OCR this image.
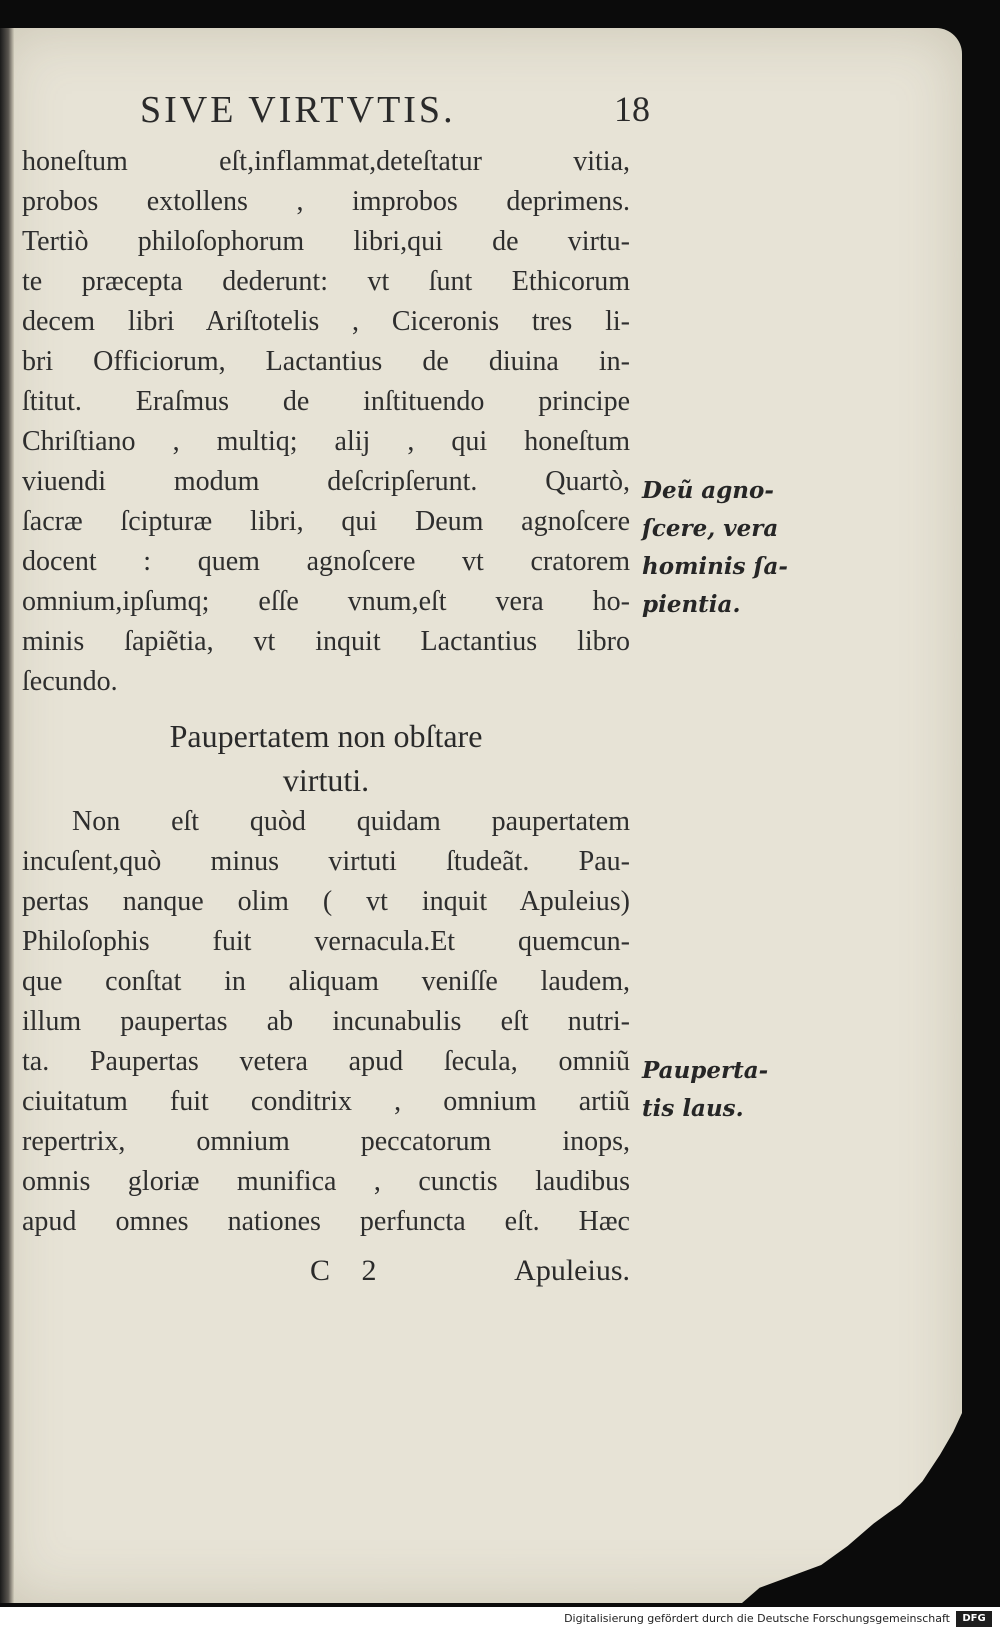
SIVE VIRTVTIS.	18
honeſtum eſt,inflammat,deteſtatur vitia,
probos extollens , improbos deprimens.
Tertiò philoſophorum libri,qui de virtu-
te præcepta dederunt: vt ſunt Ethicorum
decem libri Ariſtotelis , Ciceronis tres li-
bri Officiorum, Lactantius de diuina in-
ſtitut. Eraſmus de inſtituendo principe
Chriſtiano , multiq; alij , qui honeſtum
viuendi modum deſcripſerunt. Quartò,
ſacræ ſcipturæ libri, qui Deum agnoſcere
docent : quem agnoſcere vt cratorem
omnium,ipſumq; eſſe vnum,eſt vera ho-
minis ſapiẽtia, vt inquit Lactantius libro
ſecundo.
Paupertatem non obſtare
virtuti.
Non eſt quòd quidam paupertatem
incuſent,quò minus virtuti ſtudeãt. Pau-
pertas nanque olim ( vt inquit Apuleius)
Philoſophis fuit vernacula.Et quemcun-
que conſtat in aliquam veniſſe laudem,
illum paupertas ab incunabulis eſt nutri-
ta. Paupertas vetera apud ſecula, omniũ
ciuitatum fuit conditrix , omnium artiũ
repertrix, omnium peccatorum inops,
omnis gloriæ munifica , cunctis laudibus
apud omnes nationes perfuncta eſt. Hæc
Deũ agno-
ſcere, vera
hominis ſa-
pientia.
Pauperta-
tis laus.
C 2	Apuleius.
Digitalisierung gefördert durch die Deutsche Forschungsgemeinschaft	DFG
